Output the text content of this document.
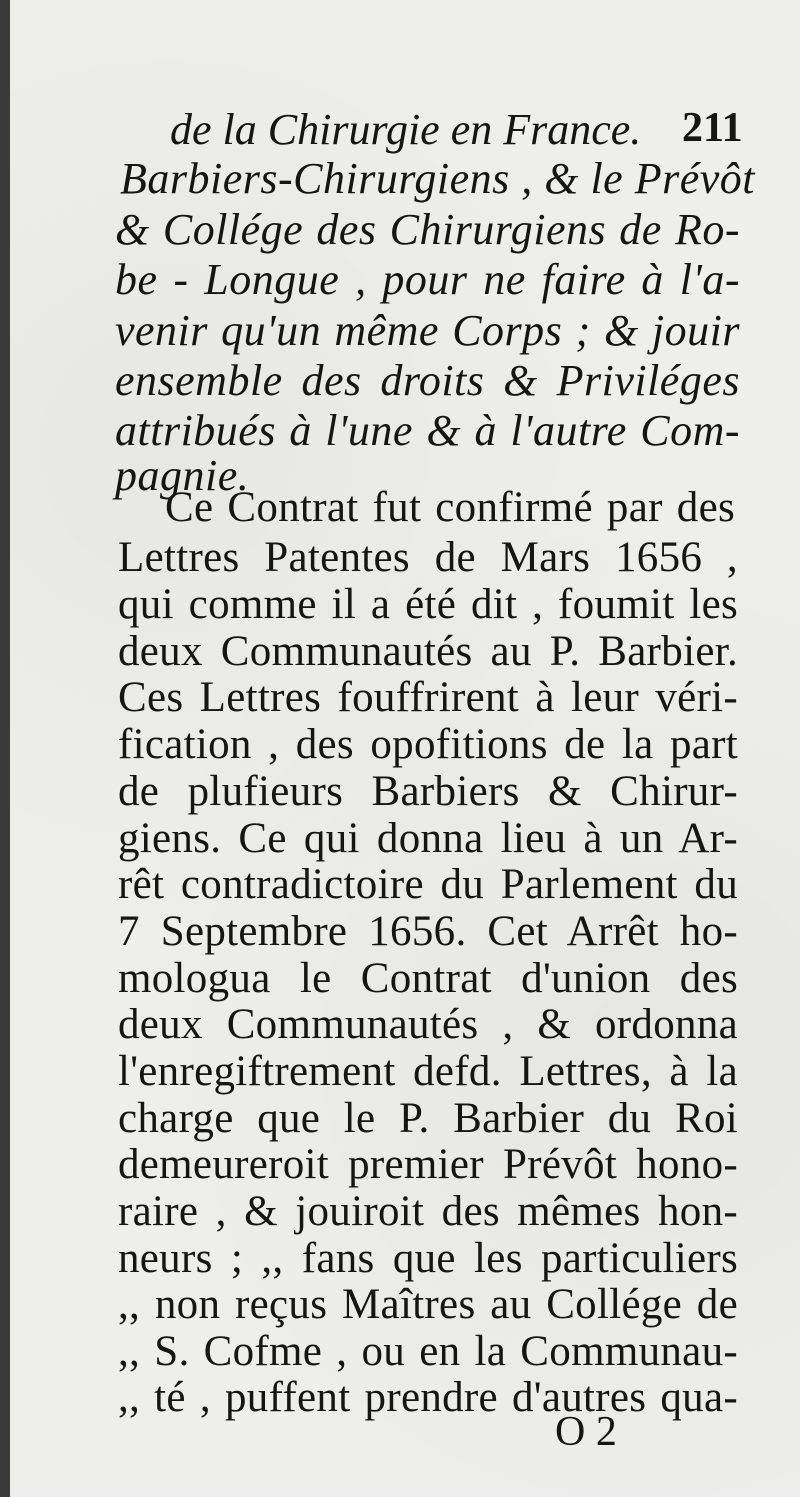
de la Chirurgie en France. 211
Barbiers-Chirurgiens , & le Prévôt
& Collége des Chirurgiens de Ro-
be - Longue , pour ne faire à l'a-
venir qu'un même Corps ; & jouir
ensemble des droits & Priviléges
attribués à l'une & à l'autre Com-
pagnie.
Ce Contrat fut confirmé par des
Lettres Patentes de Mars 1656 ,
qui comme il a été dit , foumit les
deux Communautés au P. Barbier.
Ces Lettres fouffrirent à leur véri-
fication , des opofitions de la part
de plufieurs Barbiers & Chirur-
giens. Ce qui donna lieu à un Ar-
rêt contradictoire du Parlement du
7 Septembre 1656. Cet Arrêt ho-
mologua le Contrat d'union des
deux Communautés , & ordonna
l'enregiftrement defd. Lettres, à la
charge que le P. Barbier du Roi
demeureroit premier Prévôt hono-
raire , & jouiroit des mêmes hon-
neurs ; ,, fans que les particuliers
,, non reçus Maîtres au Collége de
,, S. Cofme , ou en la Communau-
,, té , puffent prendre d'autres qua-
O 2
